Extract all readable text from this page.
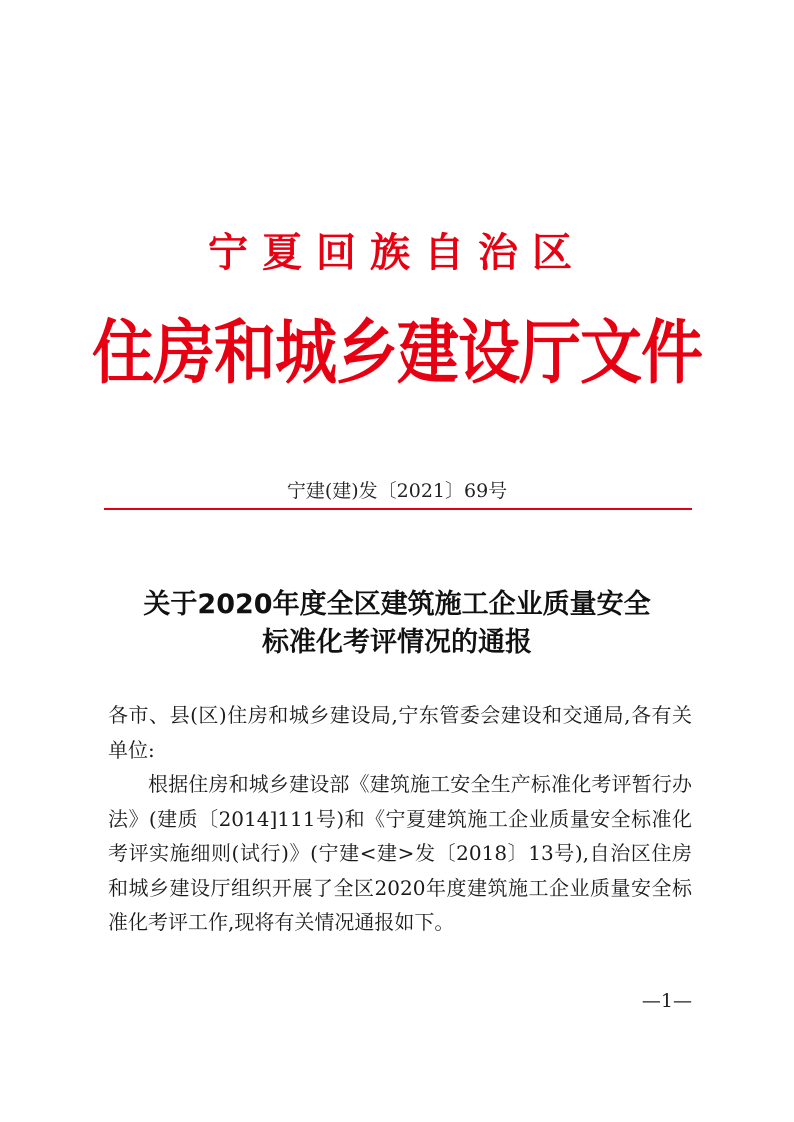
宁夏回族自治区
住房和城乡建设厅文件
宁建(建)发〔2021〕69号
关于2020年度全区建筑施工企业质量安全
标准化考评情况的通报

各市、县(区)住房和城乡建设局,宁东管委会建设和交通局,各有关单位:

根据住房和城乡建设部《建筑施工安全生产标准化考评暂行办法》(建质〔2014]111号)和《宁夏建筑施工企业质量安全标准化考评实施细则(试行)》(宁建<建>发〔2018〕13号),自治区住房和城乡建设厅组织开展了全区2020年度建筑施工企业质量安全标准化考评工作,现将有关情况通报如下。

—1—
